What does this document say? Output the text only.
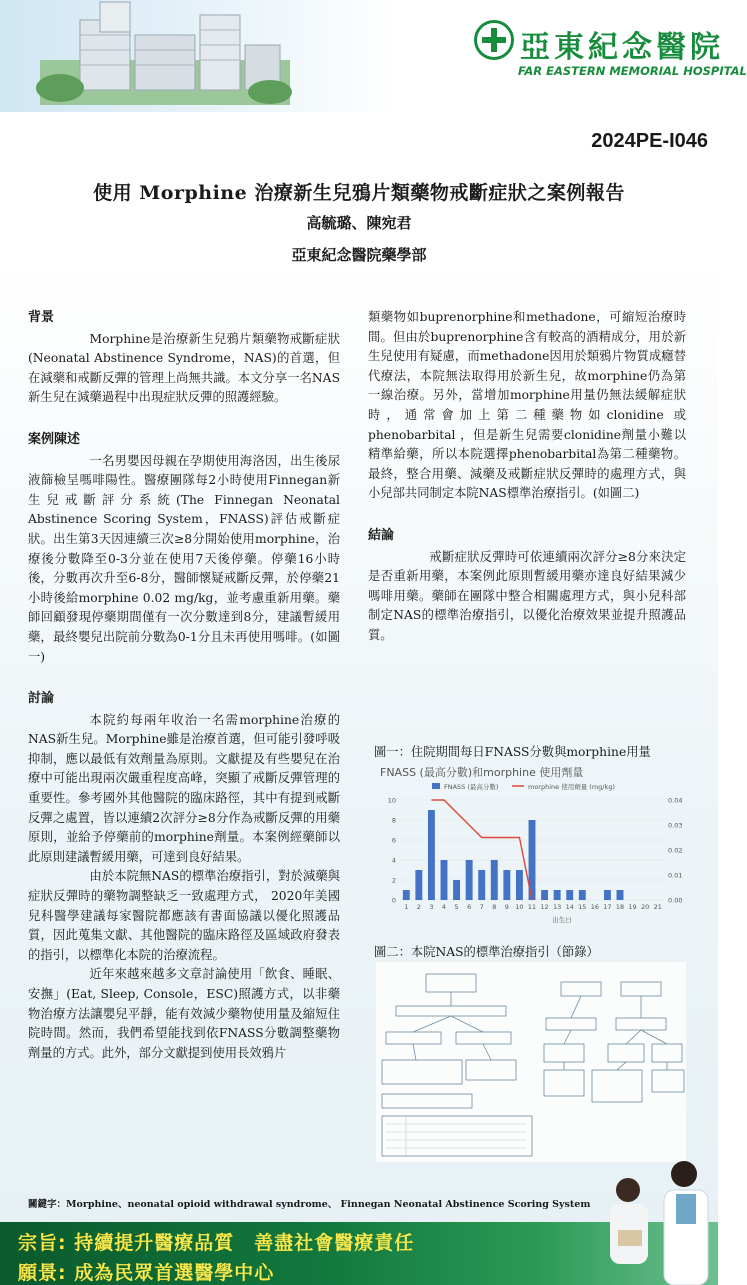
亞東紀念醫院
FAR EASTERN MEMORIAL HOSPITAL
2024PE-I046
使用 Morphine 治療新生兒鴉片類藥物戒斷症狀之案例報告
高毓璐、陳宛君
亞東紀念醫院藥學部
背景

Morphine是治療新生兒鴉片類藥物戒斷症狀(Neonatal Abstinence Syndrome，NAS)的首選，但在減藥和戒斷反彈的管理上尚無共識。本文分享一名NAS新生兒在減藥過程中出現症狀反彈的照護經驗。

案例陳述

一名男嬰因母親在孕期使用海洛因，出生後尿液篩檢呈嗎啡陽性。醫療團隊每2小時使用Finnegan新生兒戒斷評分系統(The Finnegan Neonatal Abstinence Scoring System，FNASS)評估戒斷症狀。出生第3天因連續三次≥8分開始使用morphine，治療後分數降至0-3分並在使用7天後停藥。停藥16小時後，分數再次升至6-8分，醫師懷疑戒斷反彈，於停藥21小時後給morphine 0.02 mg/kg，並考慮重新用藥。藥師回顧發現停藥期間僅有一次分數達到8分，建議暫緩用藥，最終嬰兒出院前分數為0-1分且未再使用嗎啡。(如圖一)

討論

本院約每兩年收治一名需morphine治療的NAS新生兒。Morphine雖是治療首選，但可能引發呼吸抑制，應以最低有效劑量為原則。文獻提及有些嬰兒在治療中可能出現兩次嚴重程度高峰，突顯了戒斷反彈管理的重要性。參考國外其他醫院的臨床路徑，其中有提到戒斷反彈之處置，皆以連續2次評分≥8分作為戒斷反彈的用藥原則，並給予停藥前的morphine劑量。本案例經藥師以此原則建議暫緩用藥，可達到良好結果。

由於本院無NAS的標準治療指引，對於減藥與症狀反彈時的藥物調整缺乏一致處理方式， 2020年美國兒科醫學建議每家醫院都應該有書面協議以優化照護品質，因此蒐集文獻、其他醫院的臨床路徑及區域政府發表的指引，以標準化本院的治療流程。

近年來越來越多文章討論使用「飲食、睡眠、安撫」(Eat, Sleep, Console，ESC)照護方式，以非藥物治療方法讓嬰兒平靜，能有效減少藥物使用量及縮短住院時間。然而，我們希望能找到依FNASS分數調整藥物劑量的方式。此外，部分文獻提到使用長效鴉片

類藥物如buprenorphine和methadone，可縮短治療時間。但由於buprenorphine含有較高的酒精成分，用於新生兒使用有疑慮，而methadone因用於類鴉片物質成癮替代療法，本院無法取得用於新生兒，故morphine仍為第一線治療。另外，當增加morphine用量仍無法緩解症狀時，通常會加上第二種藥物如clonidine 或phenobarbital ，但是新生兒需要clonidine劑量小難以精準給藥，所以本院選擇phenobarbital為第二種藥物。最終，整合用藥、減藥及戒斷症狀反彈時的處理方式，與小兒部共同制定本院NAS標準治療指引。(如圖二)

結論

戒斷症狀反彈時可依連續兩次評分≥8分來決定是否重新用藥，本案例此原則暫緩用藥亦達良好結果減少嗎啡用藥。藥師在團隊中整合相關處理方式，與小兒科部制定NAS的標準治療指引，以優化治療效果並提升照護品質。

圖一：住院期間每日FNASS分數與morphine用量
FNASS (最高分數)和morphine 使用劑量
FNASS (最高分數)	morphine 使用劑量 (mg/kg)
0
2
4
6
8
10
0.00
0.01
0.02
0.03
0.04
1 2 3 4 5 6 7 8 9 10 11 12 13 14 15 16 17 18 19 20 21
出生日
圖二：本院NAS的標準治療指引（節錄）
關鍵字：Morphine、neonatal opioid withdrawal syndrome、 Finnegan Neonatal Abstinence Scoring System
宗旨: 持續提升醫療品質　善盡社會醫療責任
願景: 成為民眾首選醫學中心
